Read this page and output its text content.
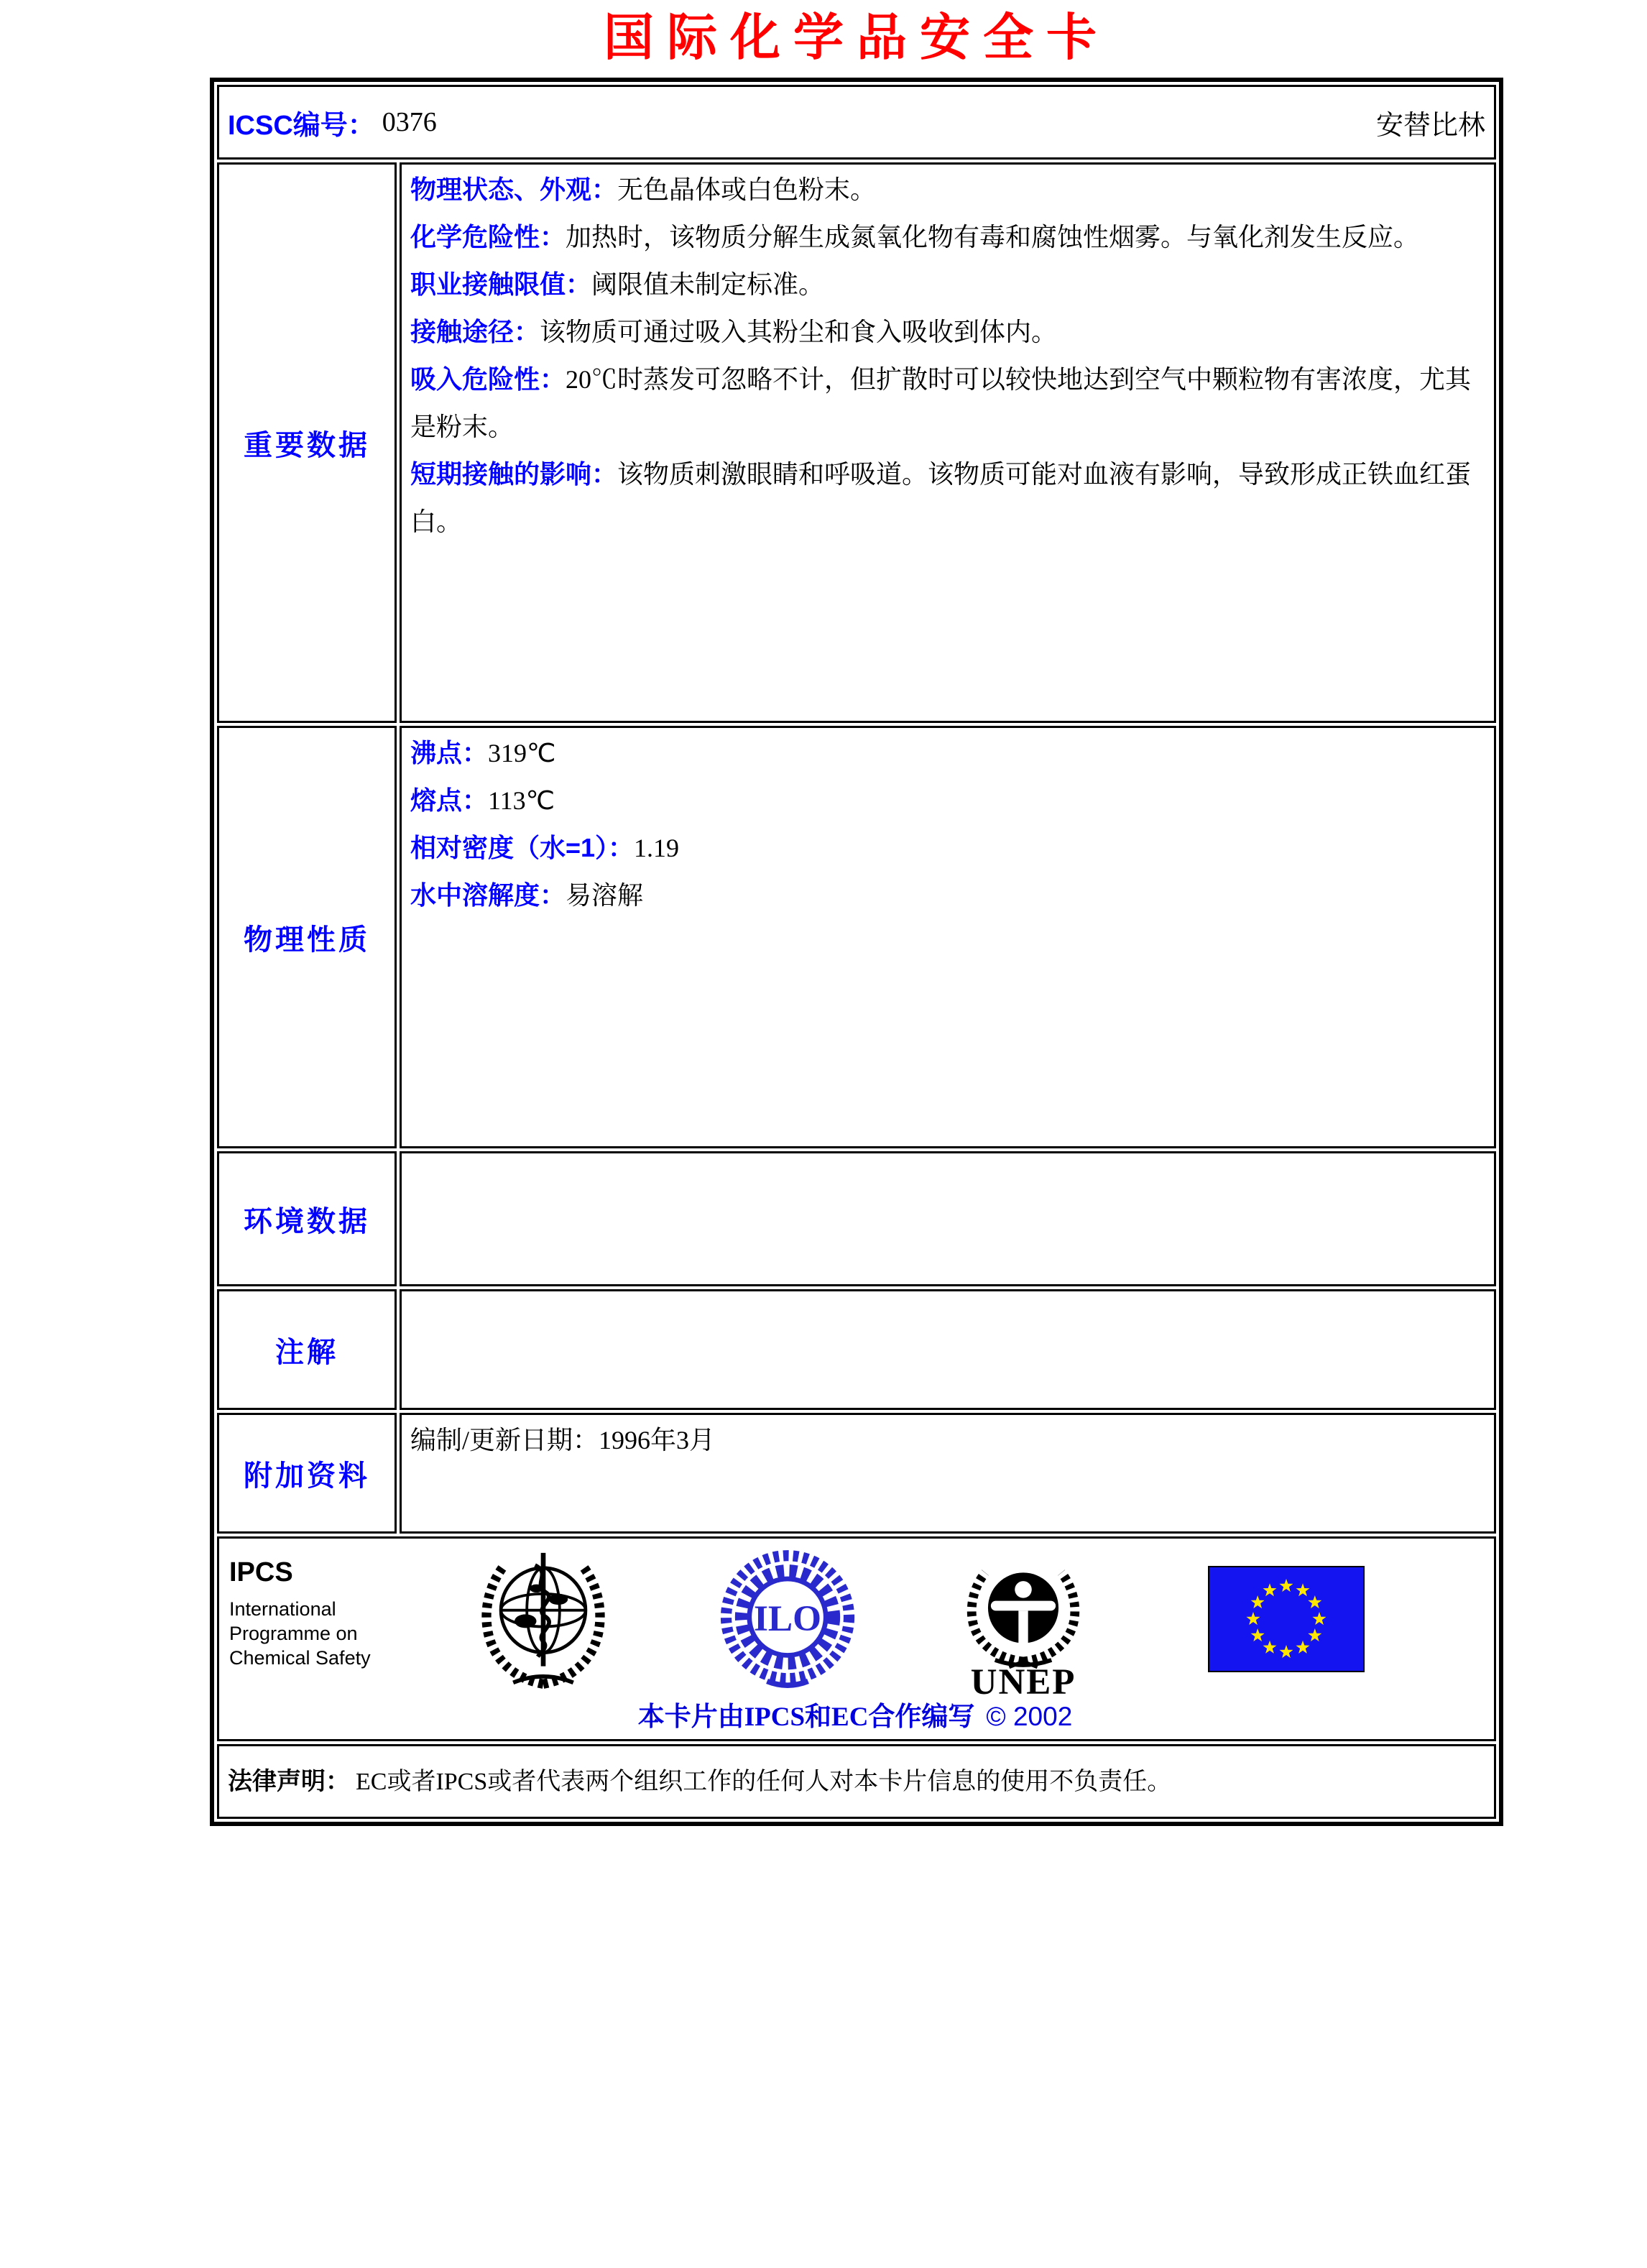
国际化学品安全卡
ICSC编号： 0376	安替比林
重要数据
物理状态、外观：无色晶体或白色粉末。
化学危险性：加热时，该物质分解生成氮氧化物有毒和腐蚀性烟雾。与氧化剂发生反应。
职业接触限值：阈限值未制定标准。
接触途径：该物质可通过吸入其粉尘和食入吸收到体内。
吸入危险性：20℃时蒸发可忽略不计，但扩散时可以较快地达到空气中颗粒物有害浓度，尤其是粉末。
短期接触的影响：该物质刺激眼睛和呼吸道。该物质可能对血液有影响，导致形成正铁血红蛋白。
物理性质
沸点：319℃
熔点：113℃
相对密度（水=1）：1.19
水中溶解度：易溶解
环境数据
注解
附加资料
编制/更新日期：1996年3月
IPCS
International
Programme on
Chemical Safety
ILO
UNEP
本卡片由IPCS和EC合作编写 © 2002
法律声明： EC或者IPCS或者代表两个组织工作的任何人对本卡片信息的使用不负责任。
